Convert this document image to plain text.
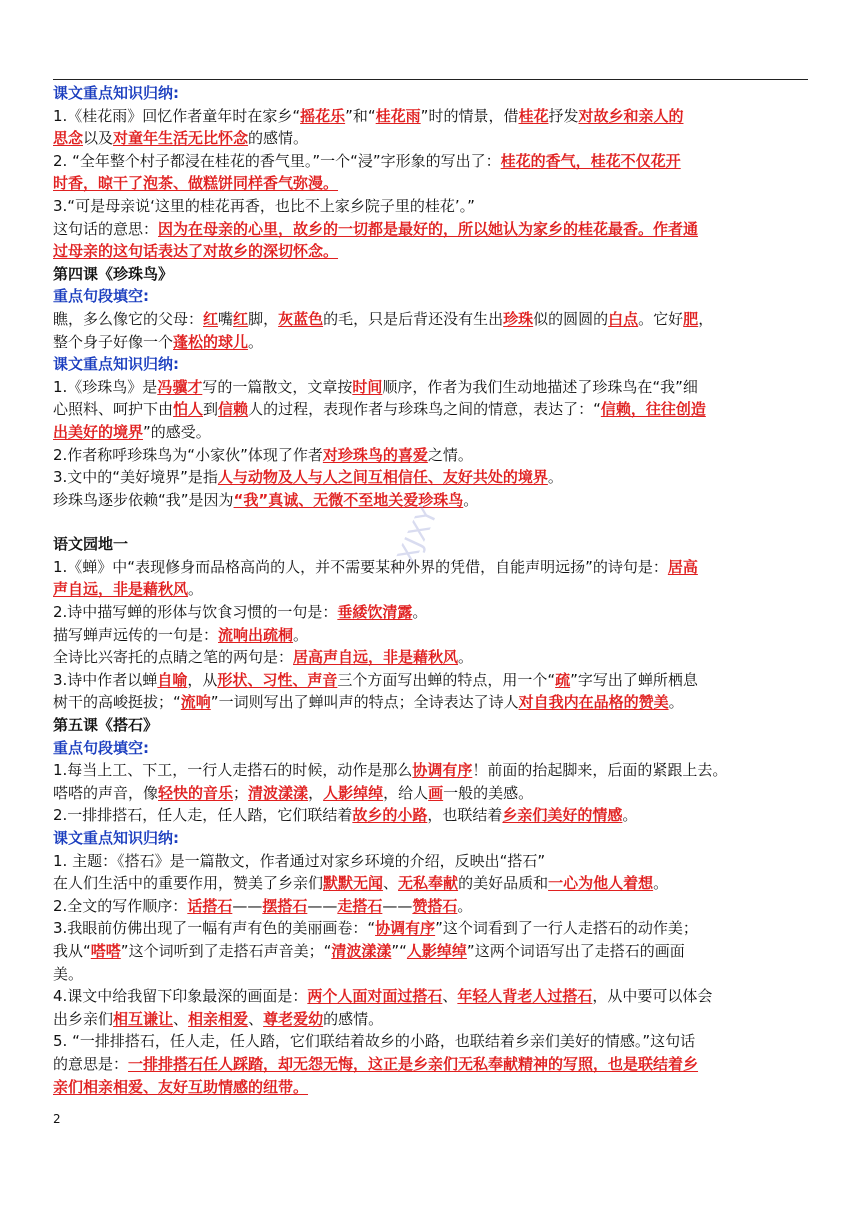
课文重点知识归纳:
1.《桂花雨》回忆作者童年时在家乡“摇花乐”和“桂花雨”时的情景，借桂花抒发对故乡和亲人的
思念以及对童年生活无比怀念的感情。
2. “全年整个村子都浸在桂花的香气里。”一个“浸”字形象的写出了：桂花的香气，桂花不仅花开
时香，晾干了泡茶、做糕饼同样香气弥漫。
3.“可是母亲说‘这里的桂花再香，也比不上家乡院子里的桂花’。”
这句话的意思：因为在母亲的心里，故乡的一切都是最好的，所以她认为家乡的桂花最香。作者通
过母亲的这句话表达了对故乡的深切怀念。
第四课《珍珠鸟》
重点句段填空:
瞧，多么像它的父母：红嘴红脚，灰蓝色的毛，只是后背还没有生出珍珠似的圆圆的白点。它好肥，
整个身子好像一个蓬松的球儿。
课文重点知识归纳:
1.《珍珠鸟》是冯骥才写的一篇散文，文章按时间顺序，作者为我们生动地描述了珍珠鸟在“我”细
心照料、呵护下由怕人到信赖人的过程，表现作者与珍珠鸟之间的情意，表达了：“信赖，往往创造
出美好的境界”的感受。
2.作者称呼珍珠鸟为“小家伙”体现了作者对珍珠鸟的喜爱之情。
3.文中的“美好境界”是指人与动物及人与人之间互相信任、友好共处的境界。
珍珠鸟逐步依赖“我”是因为“我”真诚、无微不至地关爱珍珠鸟。
语文园地一
1.《蝉》中“表现修身而品格高尚的人，并不需要某种外界的凭借，自能声明远扬”的诗句是：居高
声自远，非是藉秋风。
2.诗中描写蝉的形体与饮食习惯的一句是：垂緌饮清露。
描写蝉声远传的一句是：流响出疏桐。
全诗比兴寄托的点睛之笔的两句是：居高声自远，非是藉秋风。
3.诗中作者以蝉自喻，从形状、习性、声音三个方面写出蝉的特点，用一个“疏”字写出了蝉所栖息
树干的高峻挺拔；“流响”一词则写出了蝉叫声的特点；全诗表达了诗人对自我内在品格的赞美。
第五课《搭石》
重点句段填空:
1.每当上工、下工，一行人走搭石的时候，动作是那么协调有序！前面的抬起脚来，后面的紧跟上去。
嗒嗒的声音，像轻快的音乐；清波漾漾，人影绰绰，给人画一般的美感。
2.一排排搭石，任人走，任人踏，它们联结着故乡的小路，也联结着乡亲们美好的情感。
课文重点知识归纳:
1. 主题：《搭石》是一篇散文，作者通过对家乡环境的介绍，反映出“搭石”
在人们生活中的重要作用，赞美了乡亲们默默无闻、无私奉献的美好品质和一心为他人着想。
2.全文的写作顺序：话搭石——摆搭石——走搭石——赞搭石。
3.我眼前仿佛出现了一幅有声有色的美丽画卷：“协调有序”这个词看到了一行人走搭石的动作美；
我从“嗒嗒”这个词听到了走搭石声音美；“清波漾漾”“人影绰绰”这两个词语写出了走搭石的画面
美。
4.课文中给我留下印象最深的画面是：两个人面对面过搭石、年轻人背老人过搭石，从中要可以体会
出乡亲们相互谦让、相亲相爱、尊老爱幼的感情。
5. “一排排搭石，任人走，任人踏，它们联结着故乡的小路，也联结着乡亲们美好的情感。”这句话
的意思是：一排排搭石任人踩踏，却无怨无悔，这正是乡亲们无私奉献精神的写照，也是联结着乡
亲们相亲相爱、友好互助情感的纽带。
XJXY
2
